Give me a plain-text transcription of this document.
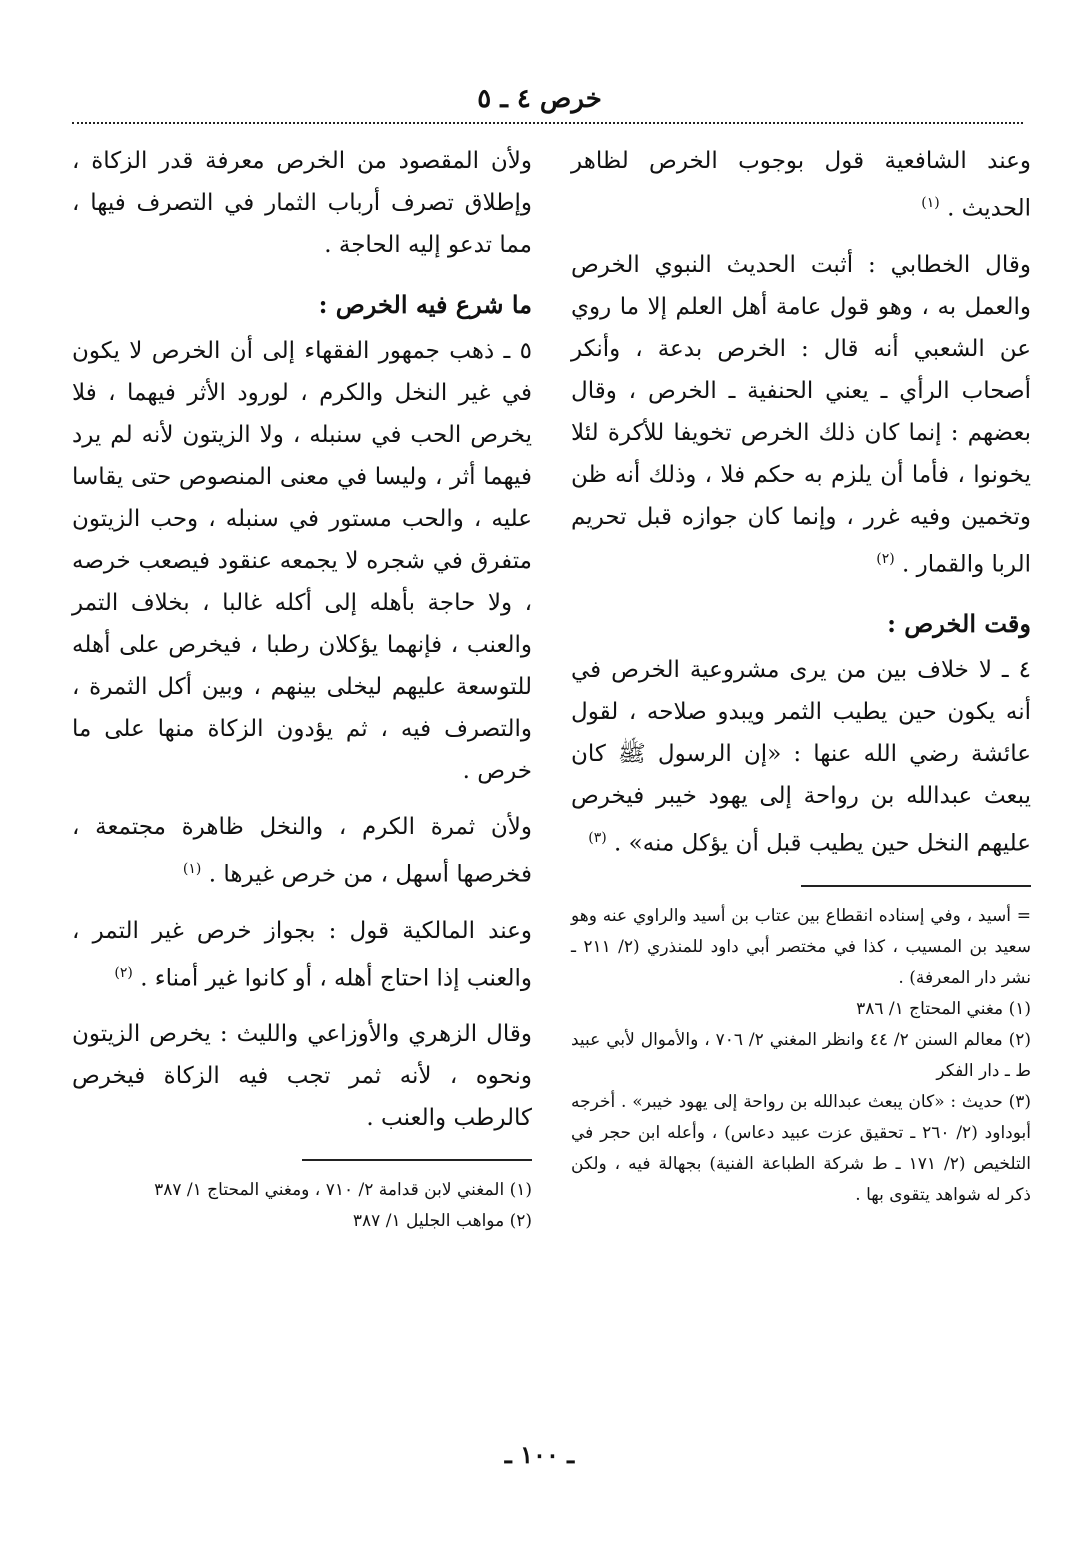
خرص ٤ ـ ٥

وعند الشافعية قول بوجوب الخرص لظاهر الحديث . $^{(١)}$

وقال الخطابي : أثبت الحديث النبوي الخرص والعمل به ، وهو قول عامة أهل العلم إلا ما روي عن الشعبي أنه قال : الخرص بدعة ، وأنكر أصحاب الرأي ـ يعني الحنفية ـ الخرص ، وقال بعضهم : إنما كان ذلك الخرص تخويفا للأكرة لئلا يخونوا ، فأما أن يلزم به حكم فلا ، وذلك أنه ظن وتخمين وفيه غرر ، وإنما كان جوازه قبل تحريم الربا والقمار . $^{(٢)}$

وقت الخرص :

٤ ـ لا خلاف بين من يرى مشروعية الخرص في أنه يكون حين يطيب الثمر ويبدو صلاحه ، لقول عائشة رضي الله عنها : «إن الرسول ﷺ كان يبعث عبدالله بن رواحة إلى يهود خيبر فيخرص عليهم النخل حين يطيب قبل أن يؤكل منه» . $^{(٣)}$

= أسيد ، وفي إسناده انقطاع بين عتاب بن أسيد والراوي عنه وهو سعيد بن المسيب ، كذا في مختصر أبي داود للمنذري (٢/ ٢١١ ـ نشر دار المعرفة) .

(١) مغني المحتاج ١/ ٣٨٦

(٢) معالم السنن ٢/ ٤٤ وانظر المغني ٢/ ٧٠٦ ، والأموال لأبي عبيد ط ـ دار الفكر

(٣) حديث : «كان يبعث عبدالله بن رواحة إلى يهود خيبر» . أخرجه أبوداود (٢/ ٢٦٠ ـ تحقيق عزت عبيد دعاس) ، وأعله ابن حجر في التلخيص (٢/ ١٧١ ـ ط شركة الطباعة الفنية) بجهالة فيه ، ولكن ذكر له شواهد يتقوى بها .

ولأن المقصود من الخرص معرفة قدر الزكاة ، وإطلاق تصرف أرباب الثمار في التصرف فيها ، مما تدعو إليه الحاجة .

ما شرع فيه الخرص :

٥ ـ ذهب جمهور الفقهاء إلى أن الخرص لا يكون في غير النخل والكرم ، لورود الأثر فيهما ، فلا يخرص الحب في سنبله ، ولا الزيتون لأنه لم يرد فيهما أثر ، وليسا في معنى المنصوص حتى يقاسا عليه ، والحب مستور في سنبله ، وحب الزيتون متفرق في شجره لا يجمعه عنقود فيصعب خرصه ، ولا حاجة بأهله إلى أكله غالبا ، بخلاف التمر والعنب ، فإنهما يؤكلان رطبا ، فيخرص على أهله للتوسعة عليهم ليخلى بينهم ، وبين أكل الثمرة ، والتصرف فيه ، ثم يؤدون الزكاة منها على ما خرص .

ولأن ثمرة الكرم ، والنخل ظاهرة مجتمعة ، فخرصها أسهل ، من خرص غيرها . $^{(١)}$

وعند المالكية قول : بجواز خرص غير التمر ، والعنب إذا احتاج أهله ، أو كانوا غير أمناء . $^{(٢)}$

وقال الزهري والأوزاعي والليث : يخرص الزيتون ونحوه ، لأنه ثمر تجب فيه الزكاة فيخرص كالرطب والعنب .

(١) المغني لابن قدامة ٢/ ٧١٠ ، ومغني المحتاج ١/ ٣٨٧

(٢) مواهب الجليل ١/ ٣٨٧

ـ ١٠٠ ـ
